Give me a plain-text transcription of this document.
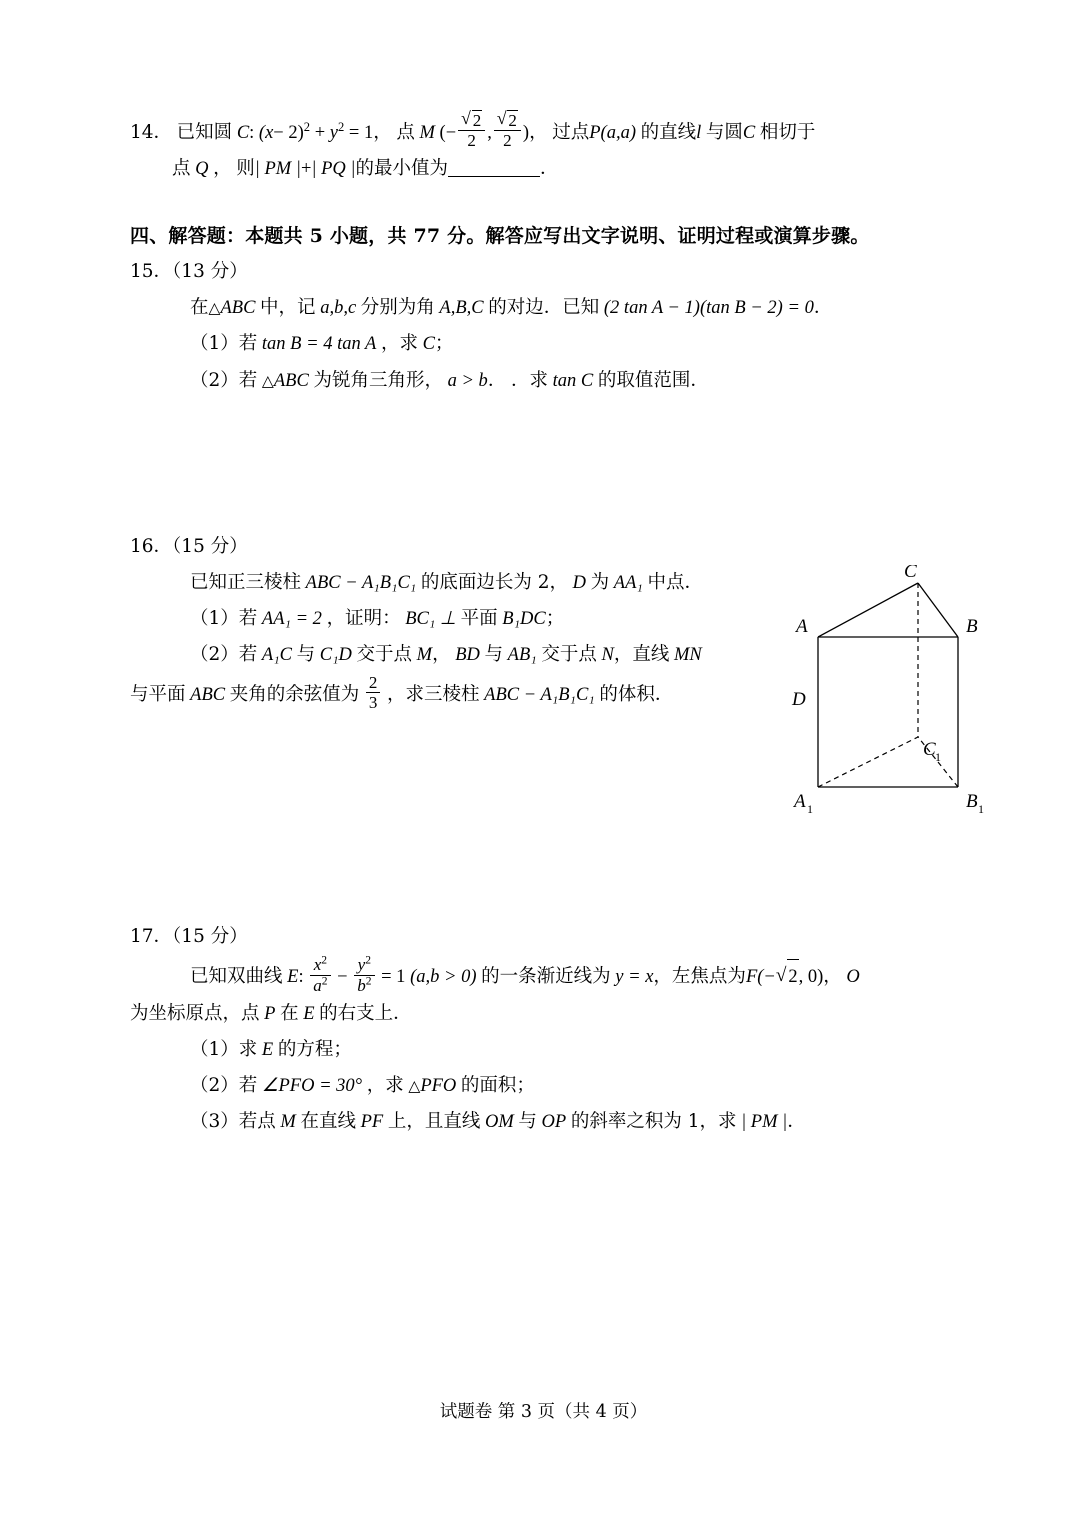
14． 已知圆 C: $(x- 2)^2 + y^2 = 1$， 点 M (− √ $\frac{2}{2}$ , √ $\frac{2}{2}$ )， 过点P(a,a) 的直线l 与圆C 相切于
点 Q ， 则| PM |+| PQ |的最小值为	．
四、解答题：本题共 5 小题，共 77 分。解答应写出文字说明、证明过程或演算步骤。
15．（13 分）
在 △ ABC 中，记 a,b,c 分别为角 A,B,C 的对边．已知 (2 tan A − 1)(tan B − 2) = 0．
（1）若 tan B = 4 tan A ，求 C；
（2）若 △ ABC 为锐角三角形， a > b． ．求 tan C 的取值范围．
16．（15 分）
已知正三棱柱 ABC − A₁B₁C₁ 的底面边长为 2， D 为 AA₁ 中点．
（1）若 AA₁ = 2 ，证明： BC₁ ⊥ 平面 B₁DC；
（2）若 A₁C 与 C₁D 交于点 M， BD 与 AB₁ 交于点 N，直线 MN
与平面 ABC 夹角的余弦值为 $\frac{2}{3}$ ，求三棱柱 ABC − A₁B₁C₁ 的体积．
17．（15 分）
已知双曲线 E: $\frac{x^2}{a^2} - \frac{y^2}{b^2} = 1$ (a,b > 0) 的一条渐近线为 y = x，左焦点为F(− √ 2, 0)， O
为坐标原点，点 P 在 E 的右支上．
（1）求 E 的方程；
（2）若 ∠PFO = 30° ，求 △ PFO 的面积；
（3）若点 M 在直线 PF 上，且直线 OM 与 OP 的斜率之积为 1，求 | PM |．
C
A	B
D
C 1
A 1	B 1
试题卷 第 3 页（共 4 页）
